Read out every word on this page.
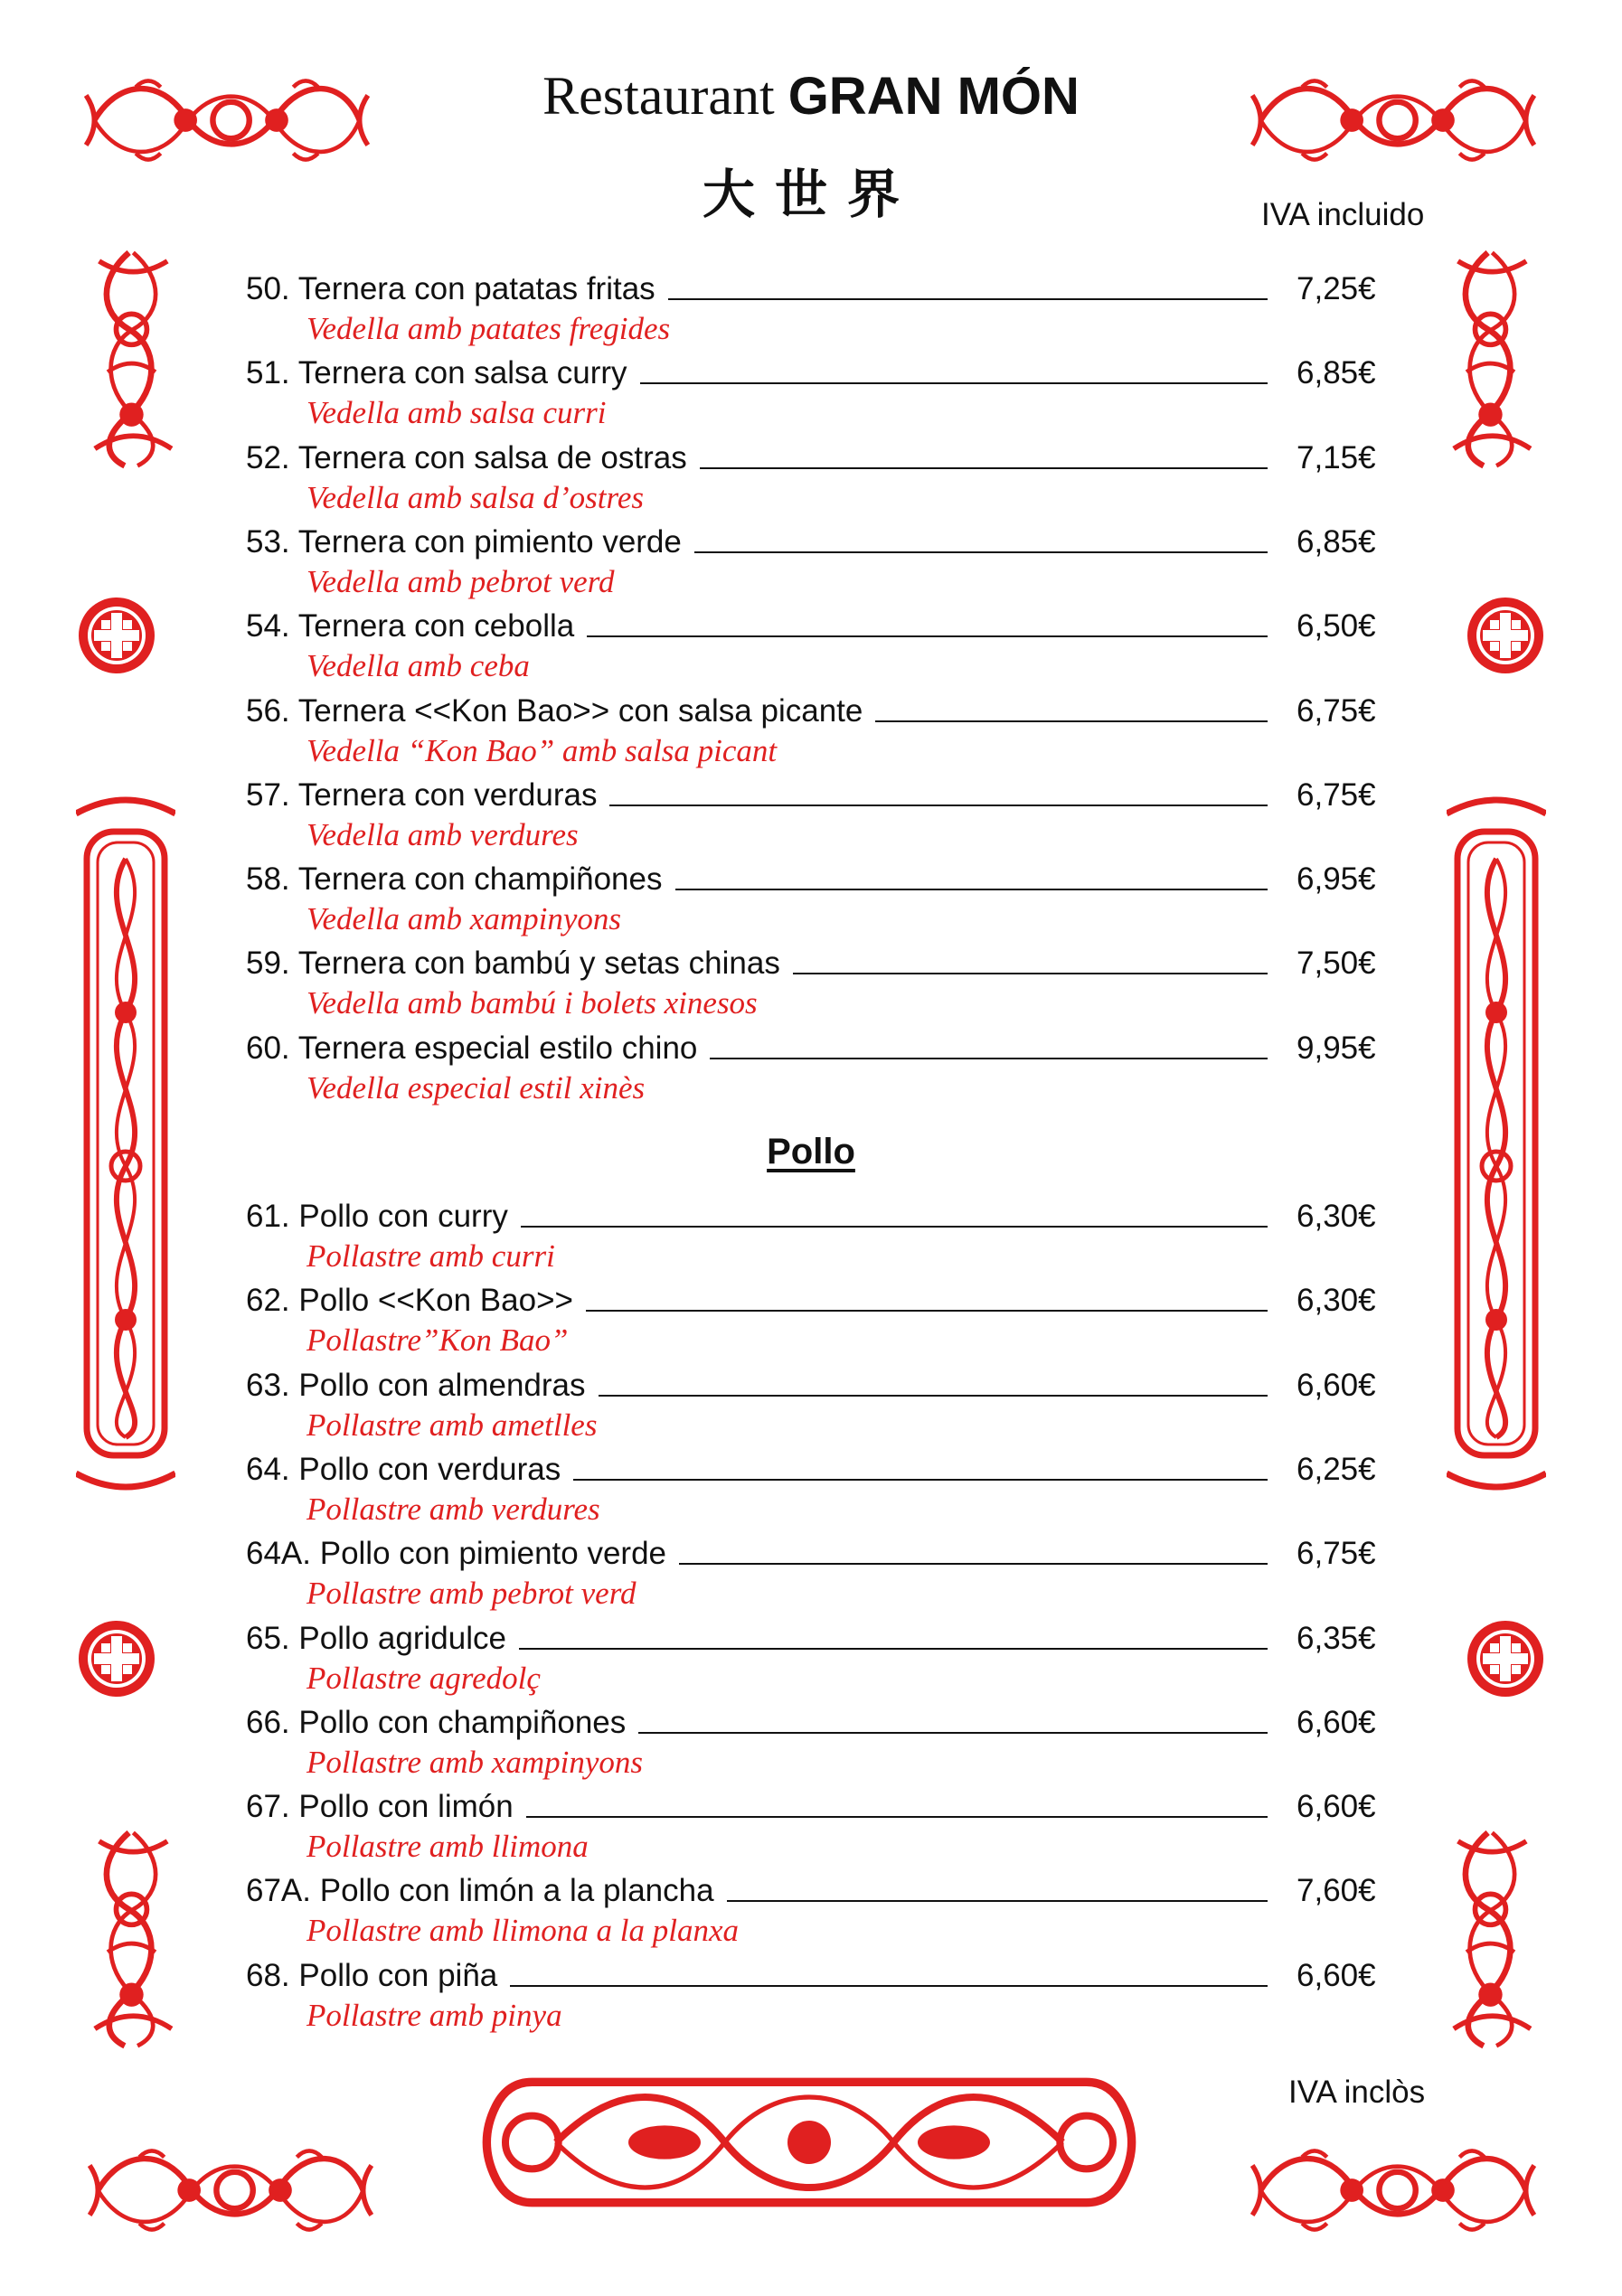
Restaurant GRAN MÓN
大世界	IVA incluido
50. Ternera con patatas fritas	7,25€
Vedella amb patates fregides
51. Ternera con salsa curry	6,85€
Vedella amb salsa curri
52. Ternera con salsa de ostras	7,15€
Vedella amb salsa d’ostres
53. Ternera con pimiento verde	6,85€
Vedella amb pebrot verd
54. Ternera con cebolla	6,50€
Vedella amb ceba
56. Ternera <<Kon Bao>> con salsa picante	6,75€
Vedella “Kon Bao” amb salsa picant
57. Ternera con verduras	6,75€
Vedella amb verdures
58. Ternera con champiñones	6,95€
Vedella amb xampinyons
59. Ternera con bambú y setas chinas	7,50€
Vedella amb bambú i bolets xinesos
60. Ternera especial estilo chino	9,95€
Vedella especial estil xinès
Pollo
61. Pollo con curry	6,30€
Pollastre amb curri
62. Pollo <<Kon Bao>>	6,30€
Pollastre”Kon Bao”
63. Pollo con almendras	6,60€
Pollastre amb ametlles
64. Pollo con verduras	6,25€
Pollastre amb verdures
64A. Pollo con pimiento verde	6,75€
Pollastre amb pebrot verd
65. Pollo agridulce	6,35€
Pollastre agredolç
66. Pollo con champiñones	6,60€
Pollastre amb xampinyons
67. Pollo con limón	6,60€
Pollastre amb llimona
67A. Pollo con limón a la plancha	7,60€
Pollastre amb llimona a la planxa
68. Pollo con piña	6,60€
Pollastre amb pinya
IVA inclòs
